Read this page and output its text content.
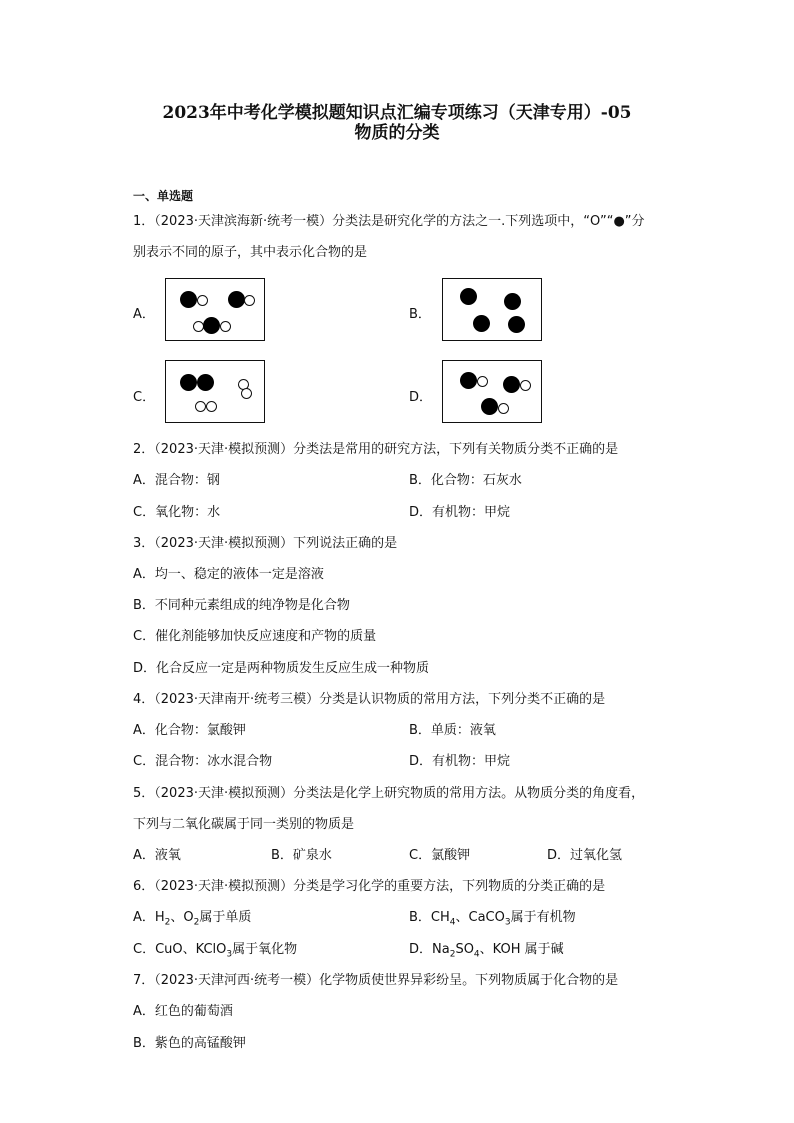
2023年中考化学模拟题知识点汇编专项练习（天津专用）-05
物质的分类
一、单选题
1．（2023·天津滨海新·统考一模）分类法是研究化学的方法之一.下列选项中，“O”“●”分
别表示不同的原子，其中表示化合物的是
A．	B．
C．	D．
2．（2023·天津·模拟预测）分类法是常用的研究方法，下列有关物质分类不正确的是
A．混合物：钢	B．化合物：石灰水
C．氧化物：水	D．有机物：甲烷
3．（2023·天津·模拟预测）下列说法正确的是
A．均一、稳定的液体一定是溶液
B．不同种元素组成的纯净物是化合物
C．催化剂能够加快反应速度和产物的质量
D．化合反应一定是两种物质发生反应生成一种物质
4．（2023·天津南开·统考三模）分类是认识物质的常用方法，下列分类不正确的是
A．化合物：氯酸钾	B．单质：液氧
C．混合物：冰水混合物	D．有机物：甲烷
5．（2023·天津·模拟预测）分类法是化学上研究物质的常用方法。从物质分类的角度看，
下列与二氧化碳属于同一类别的物质是
A．液氧	B．矿泉水	C．氯酸钾	D．过氧化氢
6．（2023·天津·模拟预测）分类是学习化学的重要方法，下列物质的分类正确的是
A．$H_2$、$O_2$属于单质	B．$CH_4$、CaCO$_3$属于有机物
C．CuO、KClO$_3$属于氧化物	D．$Na_2SO_4$、KOH 属于碱
7．（2023·天津河西·统考一模）化学物质使世界异彩纷呈。下列物质属于化合物的是
A．红色的葡萄酒
B．紫色的高锰酸钾
